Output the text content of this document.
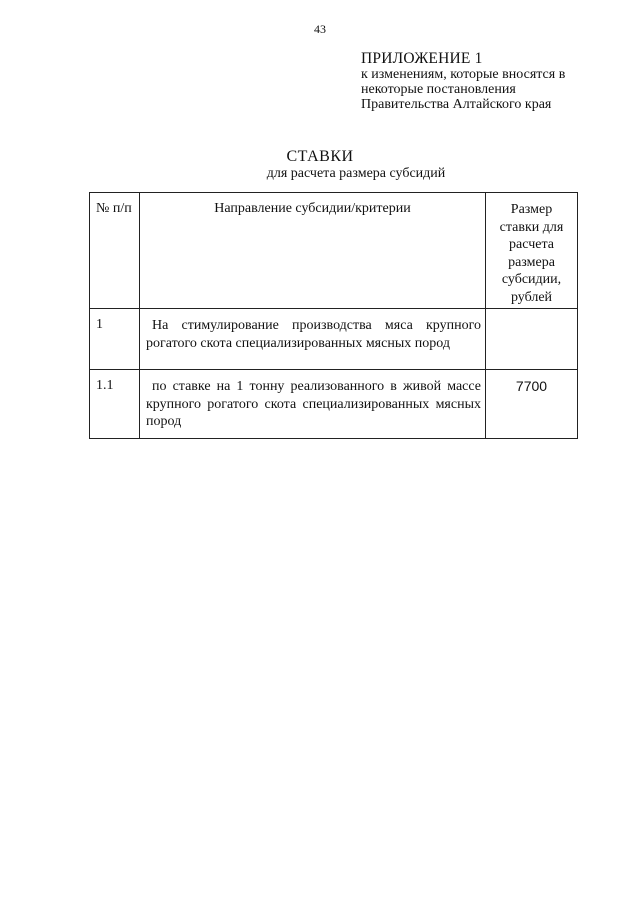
43
ПРИЛОЖЕНИЕ 1
к изменениям, которые вносятся в
некоторые постановления
Правительства Алтайского края
СТАВКИ
для расчета размера субсидий
№ п/п	Направление субсидии/критерии	Размер ставки для расчета размера субсидии, рублей
1	На стимулирование производства мяса крупного рогатого скота специализированных мясных пород	
1.1	по ставке на 1 тонну реализованного в живой массе крупного рогатого скота специализированных мясных пород	7700
